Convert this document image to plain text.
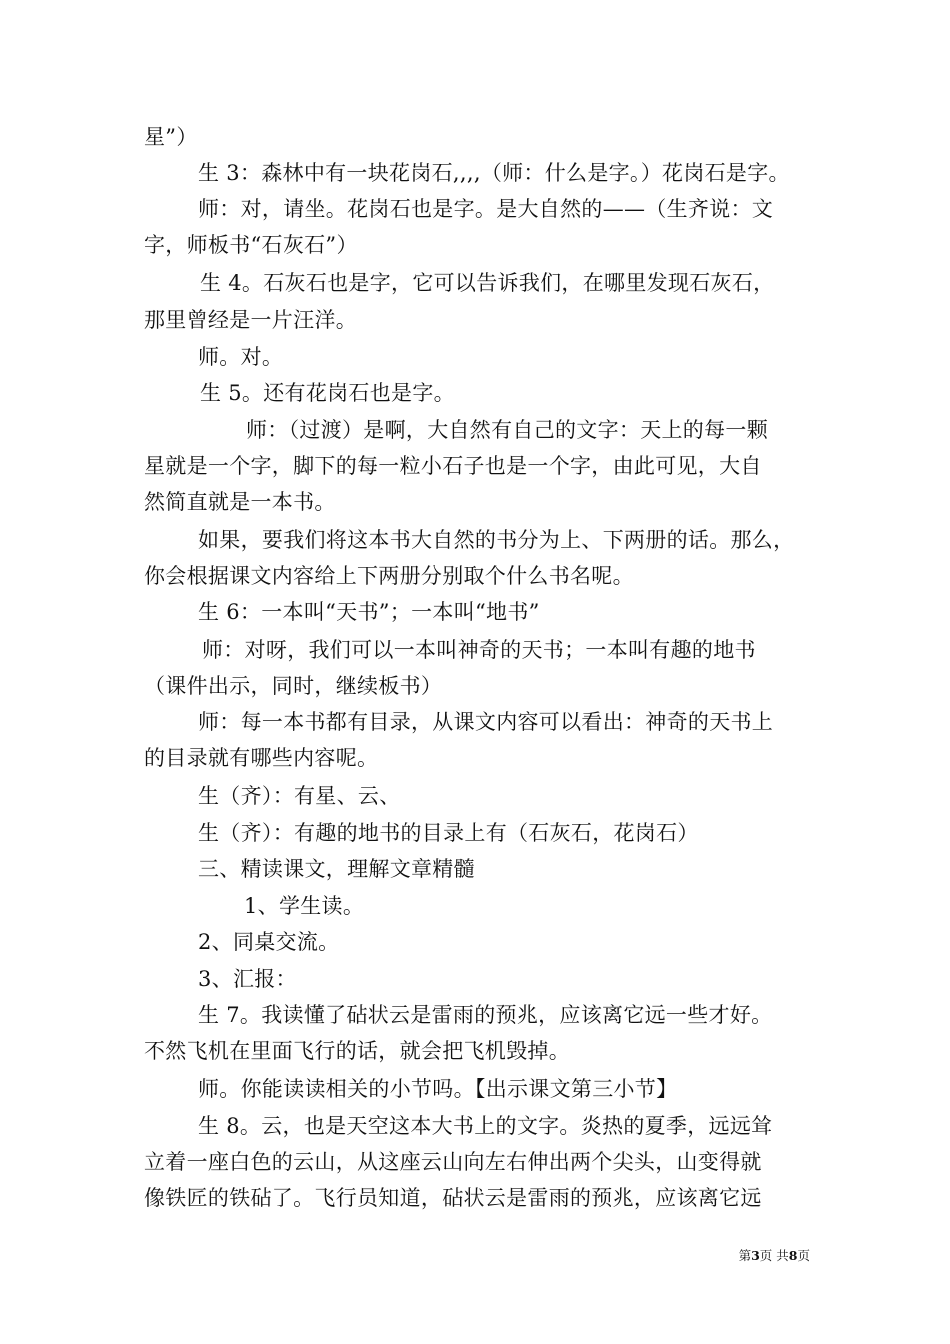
星”）
生 3：森林中有一块花岗石,,,,（师：什么是字。）花岗石是字。
师：对，请坐。花岗石也是字。是大自然的——（生齐说：文
字，师板书“石灰石”）
生 4。石灰石也是字，它可以告诉我们，在哪里发现石灰石，
那里曾经是一片汪洋。
师。对。
生 5。还有花岗石也是字。
师：（过渡）是啊，大自然有自己的文字：天上的每一颗
星就是一个字，脚下的每一粒小石子也是一个字，由此可见，大自
然简直就是一本书。
如果，要我们将这本书大自然的书分为上、下两册的话。那么，
你会根据课文内容给上下两册分别取个什么书名呢。
生 6：一本叫“天书”；一本叫“地书”
师：对呀，我们可以一本叫神奇的天书；一本叫有趣的地书
（课件出示，同时，继续板书）
师：每一本书都有目录，从课文内容可以看出：神奇的天书上
的目录就有哪些内容呢。
生（齐）：有星、云、
生（齐）：有趣的地书的目录上有（石灰石，花岗石）
三、精读课文，理解文章精髓
1、学生读。
2、同桌交流。
3、汇报：
生 7。我读懂了砧状云是雷雨的预兆，应该离它远一些才好。
不然飞机在里面飞行的话，就会把飞机毁掉。
师。你能读读相关的小节吗。【出示课文第三小节】
生 8。云，也是天空这本大书上的文字。炎热的夏季，远远耸
立着一座白色的云山，从这座云山向左右伸出两个尖头，山变得就
像铁匠的铁砧了。飞行员知道，砧状云是雷雨的预兆，应该离它远
第3页 共8页
